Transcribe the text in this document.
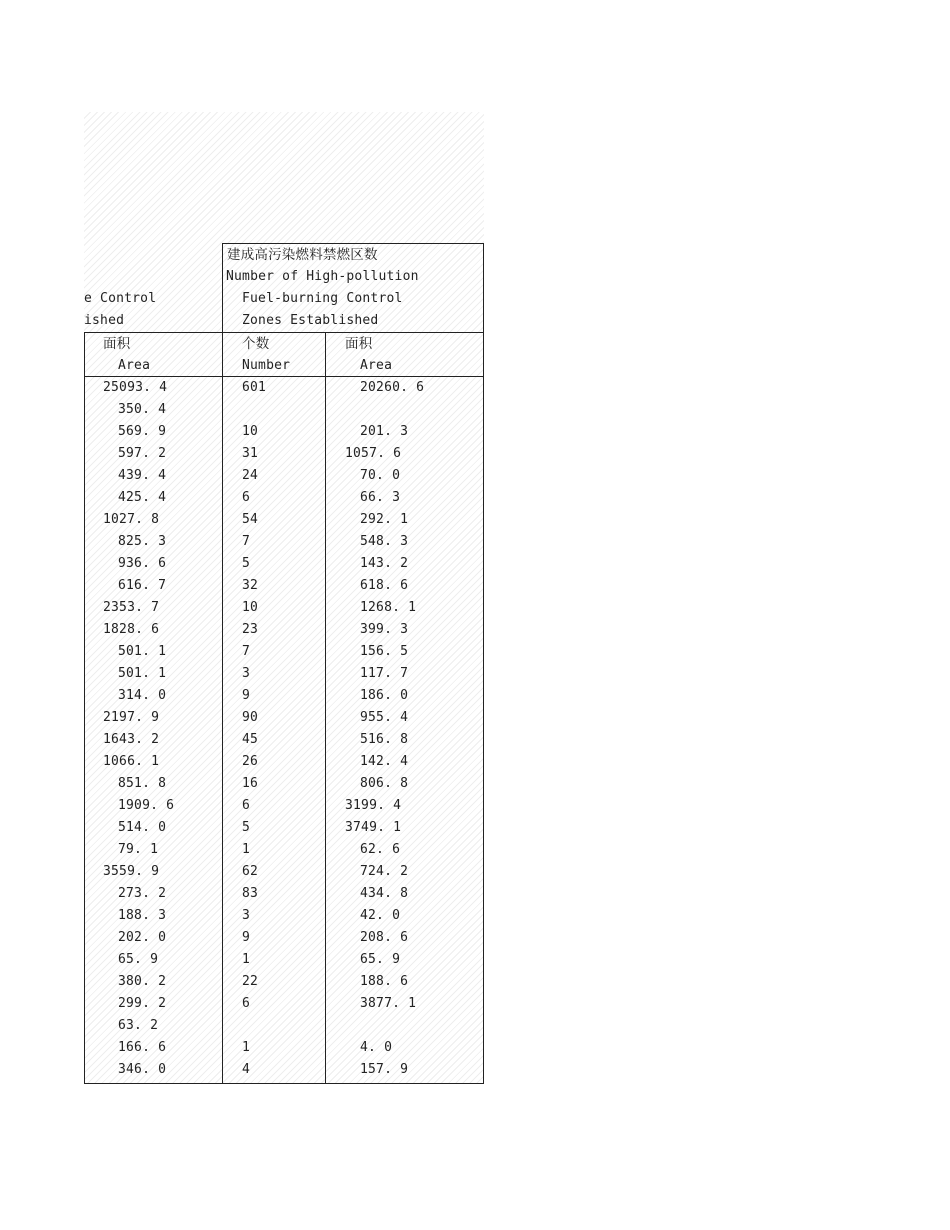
e Control
ished
建成高污染燃料禁燃区数
Number of High-pollution
Fuel-burning Control
Zones Established
面积
Area
个数
Number
面积
Area
25093. 4	601	20260. 6
350. 4
569. 9	10	201. 3
597. 2	31	1057. 6
439. 4	24	70. 0
425. 4	6	66. 3
1027. 8	54	292. 1
825. 3	7	548. 3
936. 6	5	143. 2
616. 7	32	618. 6
2353. 7	10	1268. 1
1828. 6	23	399. 3
501. 1	7	156. 5
501. 1	3	117. 7
314. 0	9	186. 0
2197. 9	90	955. 4
1643. 2	45	516. 8
1066. 1	26	142. 4
851. 8	16	806. 8
1909. 6	6	3199. 4
514. 0	5	3749. 1
79. 1	1	62. 6
3559. 9	62	724. 2
273. 2	83	434. 8
188. 3	3	42. 0
202. 0	9	208. 6
65. 9	1	65. 9
380. 2	22	188. 6
299. 2	6	3877. 1
63. 2
166. 6	1	4. 0
346. 0	4	157. 9
